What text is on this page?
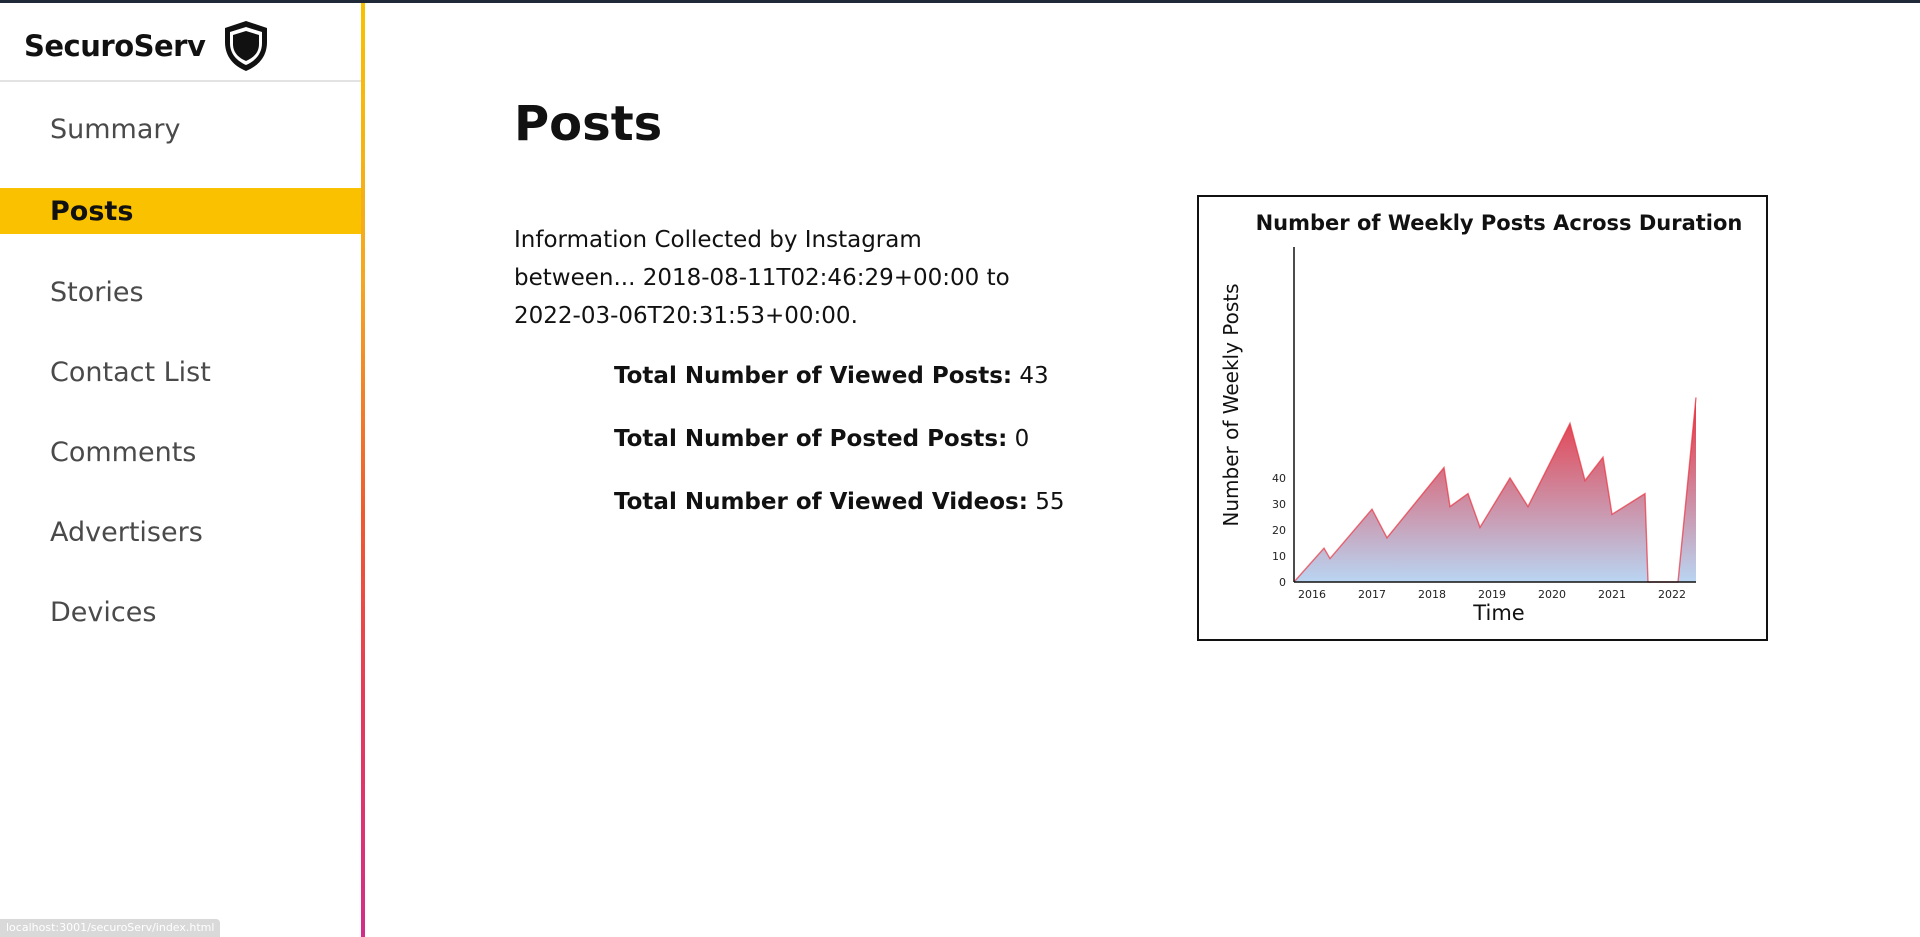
SecuroServ
Summary
Posts
Stories
Contact List
Comments
Advertisers
Devices
localhost:3001/securoServ/index.html
Posts
Information Collected by Instagram between... 2018-08-11T02:46:29+00:00 to 2022-03-06T20:31:53+00:00.
Total Number of Viewed Posts: 43
Total Number of Posted Posts: 0
Total Number of Viewed Videos: 55
Number of Weekly Posts Across Duration
0
10
20
30
40
2016	2017	2018	2019	2020	2021	2022
Time
Number of Weekly Posts
